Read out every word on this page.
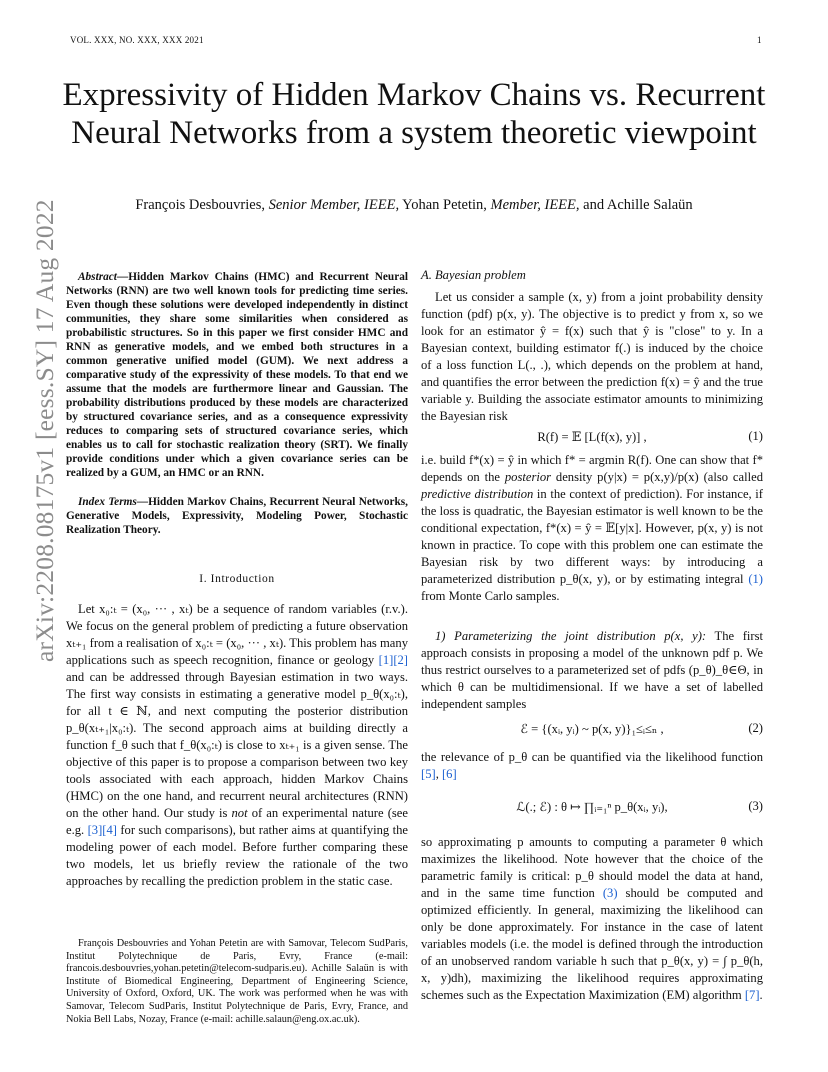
VOL. XXX, NO. XXX, XXX 2021	1
Expressivity of Hidden Markov Chains vs. Recurrent Neural Networks from a system theoretic viewpoint
François Desbouvries, Senior Member, IEEE, Yohan Petetin, Member, IEEE, and Achille Salaün
arXiv:2208.08175v1 [eess.SY] 17 Aug 2022	Abstract—Hidden Markov Chains (HMC) and Recurrent Neural Networks (RNN) are two well known tools for predicting time series. Even though these solutions were developed independently in distinct communities, they share some similarities when considered as probabilistic structures. So in this paper we first consider HMC and RNN as generative models, and we embed both structures in a common generative unified model (GUM). We next address a comparative study of the expressivity of these models. To that end we assume that the models are furthermore linear and Gaussian. The probability distributions produced by these models are characterized by structured covariance series, and as a consequence expressivity reduces to comparing sets of structured covariance series, which enables us to call for stochastic realization theory (SRT). We finally provide conditions under which a given covariance series can be realized by a GUM, an HMC or an RNN.
Index Terms—Hidden Markov Chains, Recurrent Neural Networks, Generative Models, Expressivity, Modeling Power, Stochastic Realization Theory.
I. Introduction
Let x₀:ₜ = (x₀, ··· , xₜ) be a sequence of random variables (r.v.). We focus on the general problem of predicting a future observation xₜ₊₁ from a realisation of x₀:ₜ = (x₀, ··· , xₜ). This problem has many applications such as speech recognition, finance or geology [1][2] and can be addressed through Bayesian estimation in two ways. The first way consists in estimating a generative model p_θ(x₀:ₜ), for all t ∈ ℕ, and next computing the posterior distribution p_θ(xₜ₊₁|x₀:ₜ). The second approach aims at building directly a function f_θ such that f_θ(x₀:ₜ) is close to xₜ₊₁ is a given sense. The objective of this paper is to propose a comparison between two key tools associated with each approach, hidden Markov Chains (HMC) on the one hand, and recurrent neural architectures (RNN) on the other hand. Our study is not of an experimental nature (see e.g. [3][4] for such comparisons), but rather aims at quantifying the modeling power of each model. Before further comparing these two models, let us briefly review the rationale of the two approaches by recalling the prediction problem in the static case.
François Desbouvries and Yohan Petetin are with Samovar, Telecom SudParis, Institut Polytechnique de Paris, Evry, France (e-mail: francois.desbouvries,yohan.petetin@telecom-sudparis.eu). Achille Salaün is with Institute of Biomedical Engineering, Department of Engineering Science, University of Oxford, Oxford, UK. The work was performed when he was with Samovar, Telecom SudParis, Institut Polytechnique de Paris, Evry, France, and Nokia Bell Labs, Nozay, France (e-mail: achille.salaun@eng.ox.ac.uk).
A. Bayesian problem
Let us consider a sample (x, y) from a joint probability density function (pdf) p(x, y). The objective is to predict y from x, so we look for an estimator ŷ = f(x) such that ŷ is "close" to y. In a Bayesian context, building estimator f(.) is induced by the choice of a loss function L(., .), which depends on the problem at hand, and quantifies the error between the prediction f(x) = ŷ and the true variable y. Building the associate estimator amounts to minimizing the Bayesian risk
R(f) = 𝔼 [L(f(x), y)] ,	(1)
i.e. build f*(x) = ŷ in which f* = argmin R(f). One can show that f* depends on the posterior density p(y|x) = p(x,y)/p(x) (also called predictive distribution in the context of prediction). For instance, if the loss is quadratic, the Bayesian estimator is well known to be the conditional expectation, f*(x) = ŷ = 𝔼[y|x]. However, p(x, y) is not known in practice. To cope with this problem one can estimate the Bayesian risk by two different ways: by introducing a parameterized distribution p_θ(x, y), or by estimating integral (1) from Monte Carlo samples.
1) Parameterizing the joint distribution p(x, y): The first approach consists in proposing a model of the unknown pdf p. We thus restrict ourselves to a parameterized set of pdfs (p_θ)_θ∈Θ, in which θ can be multidimensional. If we have a set of labelled independent samples
ℰ = {(xᵢ, yᵢ) ~ p(x, y)}₁≤ᵢ≤ₙ ,	(2)
the relevance of p_θ can be quantified via the likelihood function [5], [6]
ℒ(.; ℰ) : θ ↦ ∏ᵢ₌₁ⁿ p_θ(xᵢ, yᵢ),	(3)
so approximating p amounts to computing a parameter θ which maximizes the likelihood. Note however that the choice of the parametric family is critical: p_θ should model the data at hand, and in the same time function (3) should be computed and optimized efficiently. In general, maximizing the likelihood can only be done approximately. For instance in the case of latent variables models (i.e. the model is defined through the introduction of an unobserved random variable h such that p_θ(x, y) = ∫ p_θ(h, x, y)dh), maximizing the likelihood requires approximating schemes such as the Expectation Maximization (EM) algorithm [7].
